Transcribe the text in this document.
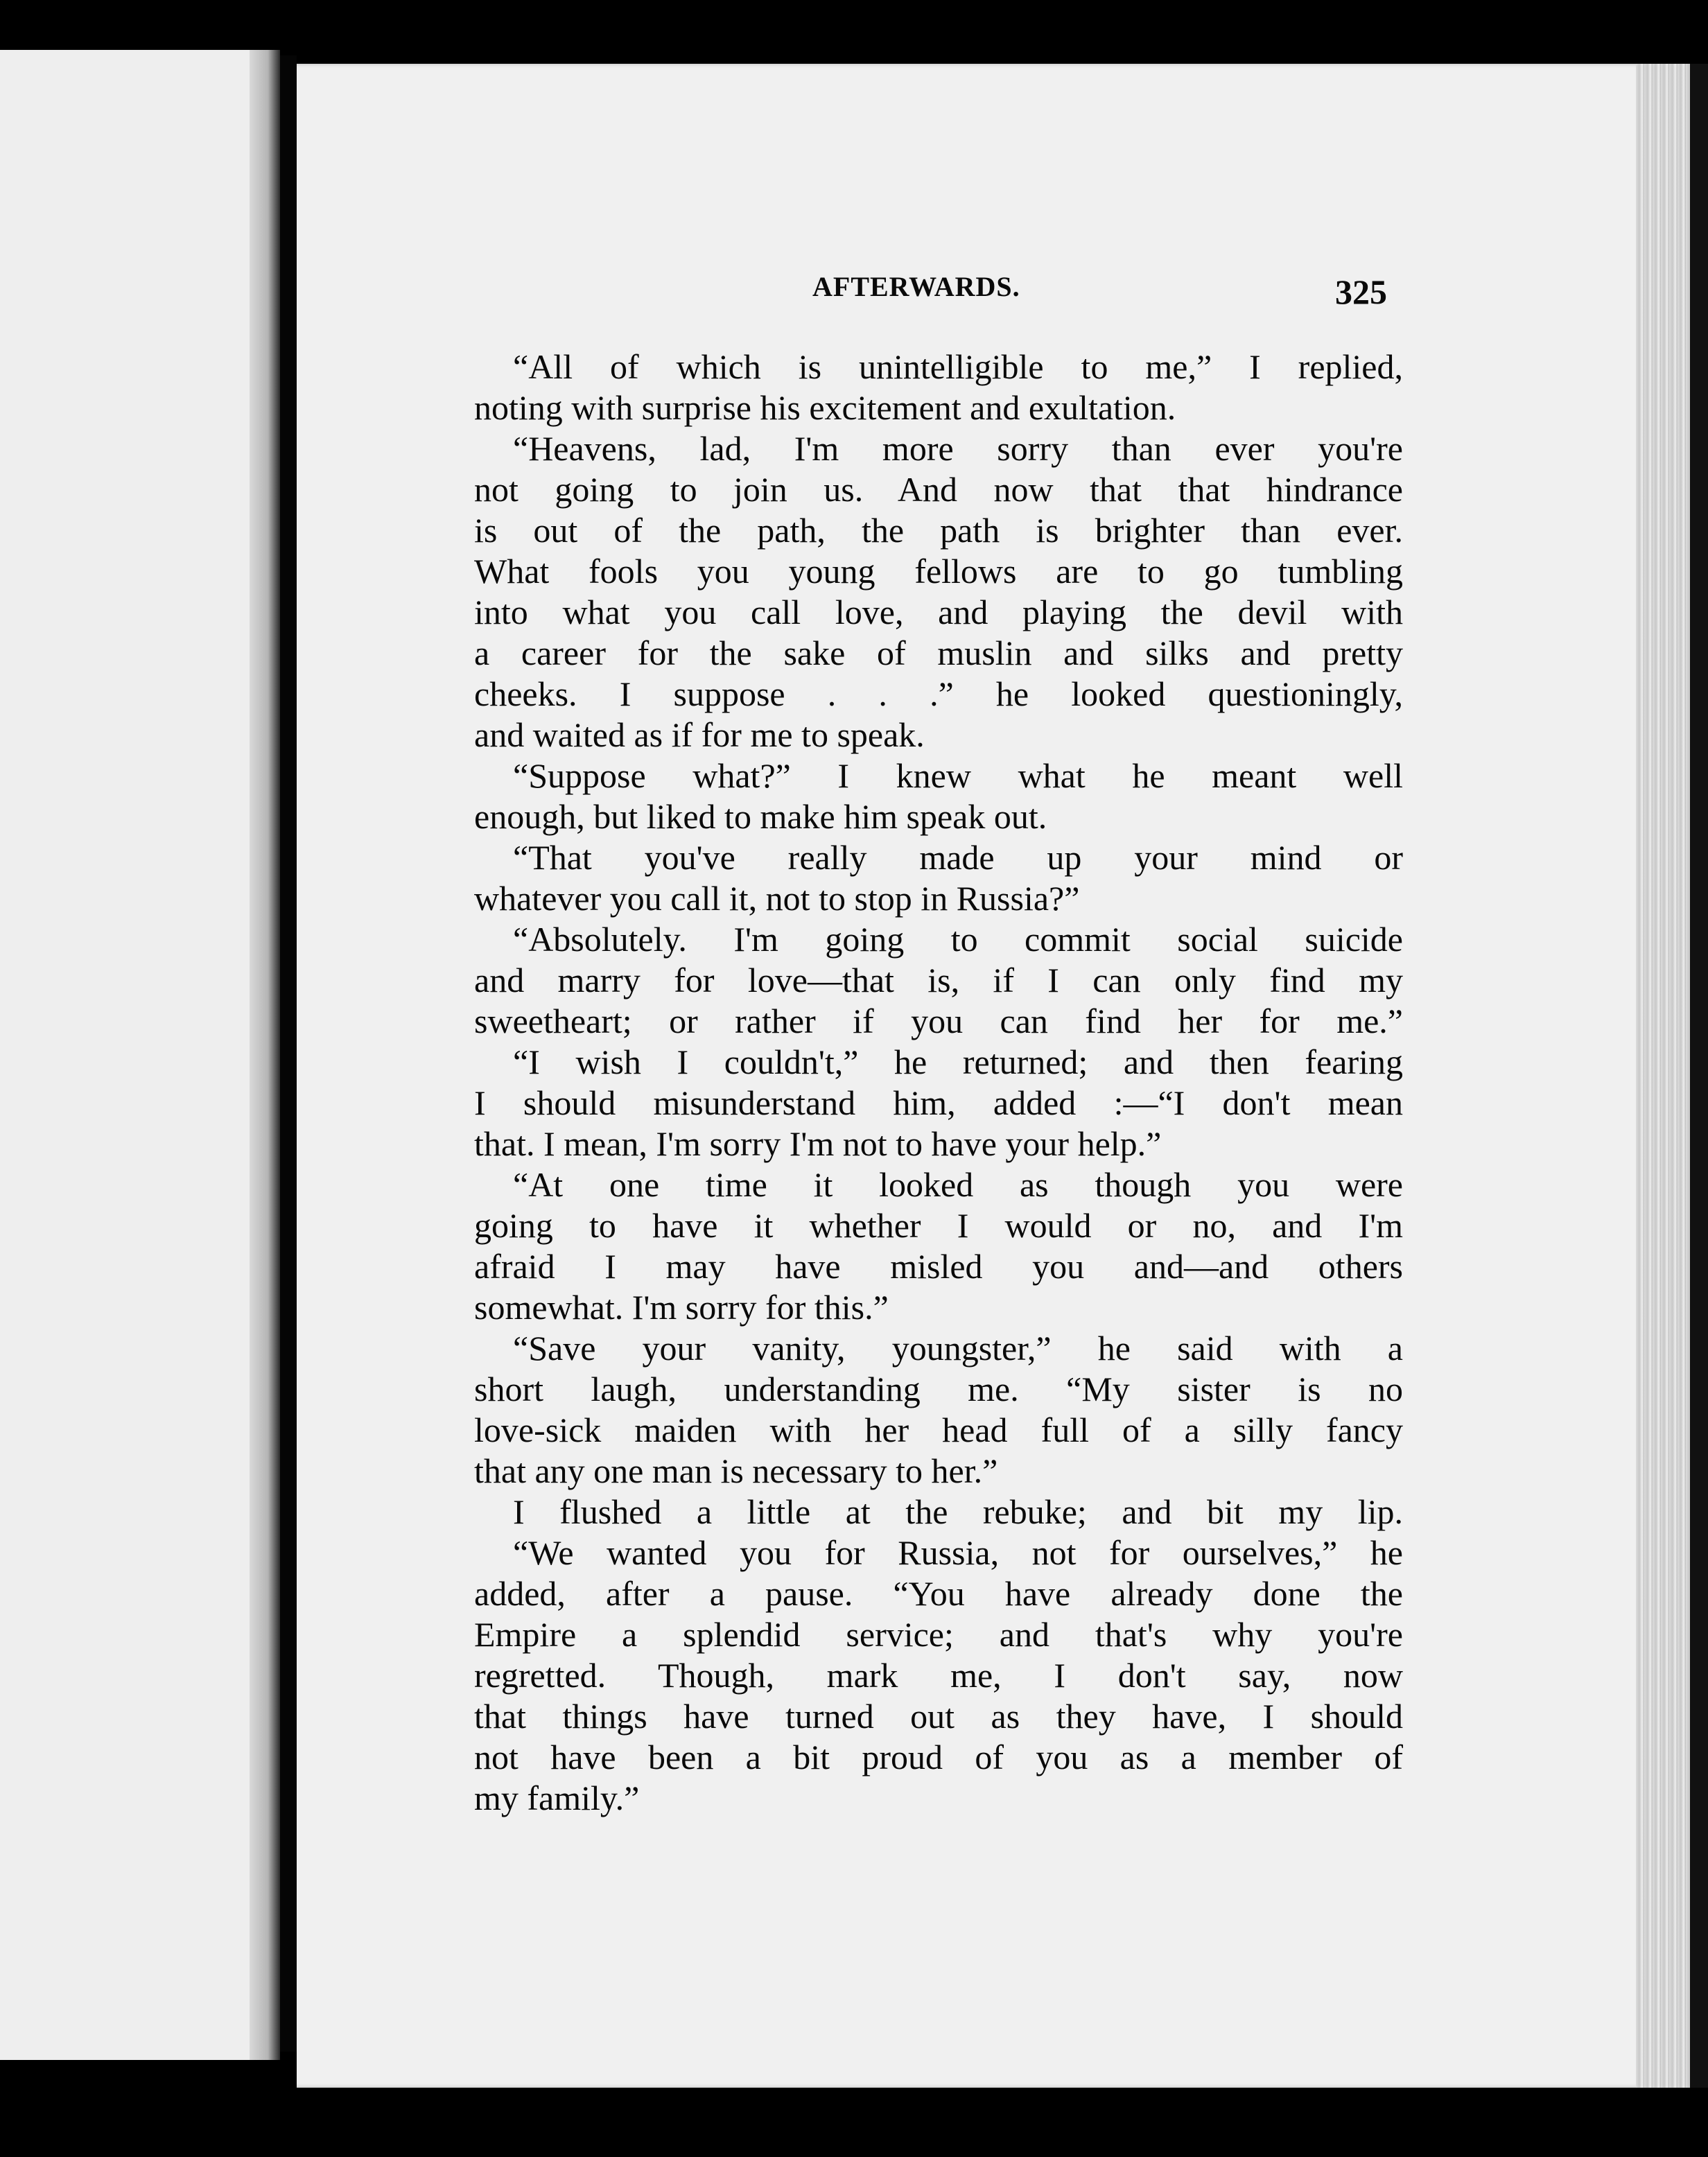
AFTERWARDS.	325
“All of which is unintelligible to me,” I replied,
noting with surprise his excitement and exultation.
“Heavens, lad, I'm more sorry than ever you're
not going to join us. And now that that hindrance
is out of the path, the path is brighter than ever.
What fools you young fellows are to go tumbling
into what you call love, and playing the devil with
a career for the sake of muslin and silks and pretty
cheeks. I suppose . . .” he looked questioningly,
and waited as if for me to speak.
“Suppose what?” I knew what he meant well
enough, but liked to make him speak out.
“That you've really made up your mind or
whatever you call it, not to stop in Russia?”
“Absolutely. I'm going to commit social suicide
and marry for love—that is, if I can only find my
sweetheart; or rather if you can find her for me.”
“I wish I couldn't,” he returned; and then fearing
I should misunderstand him, added :—“I don't mean
that. I mean, I'm sorry I'm not to have your help.”
“At one time it looked as though you were
going to have it whether I would or no, and I'm
afraid I may have misled you and—and others
somewhat. I'm sorry for this.”
“Save your vanity, youngster,” he said with a
short laugh, understanding me. “My sister is no
love-sick maiden with her head full of a silly fancy
that any one man is necessary to her.”
I flushed a little at the rebuke; and bit my lip.
“We wanted you for Russia, not for ourselves,” he
added, after a pause. “You have already done the
Empire a splendid service; and that's why you're
regretted. Though, mark me, I don't say, now
that things have turned out as they have, I should
not have been a bit proud of you as a member of
my family.”
